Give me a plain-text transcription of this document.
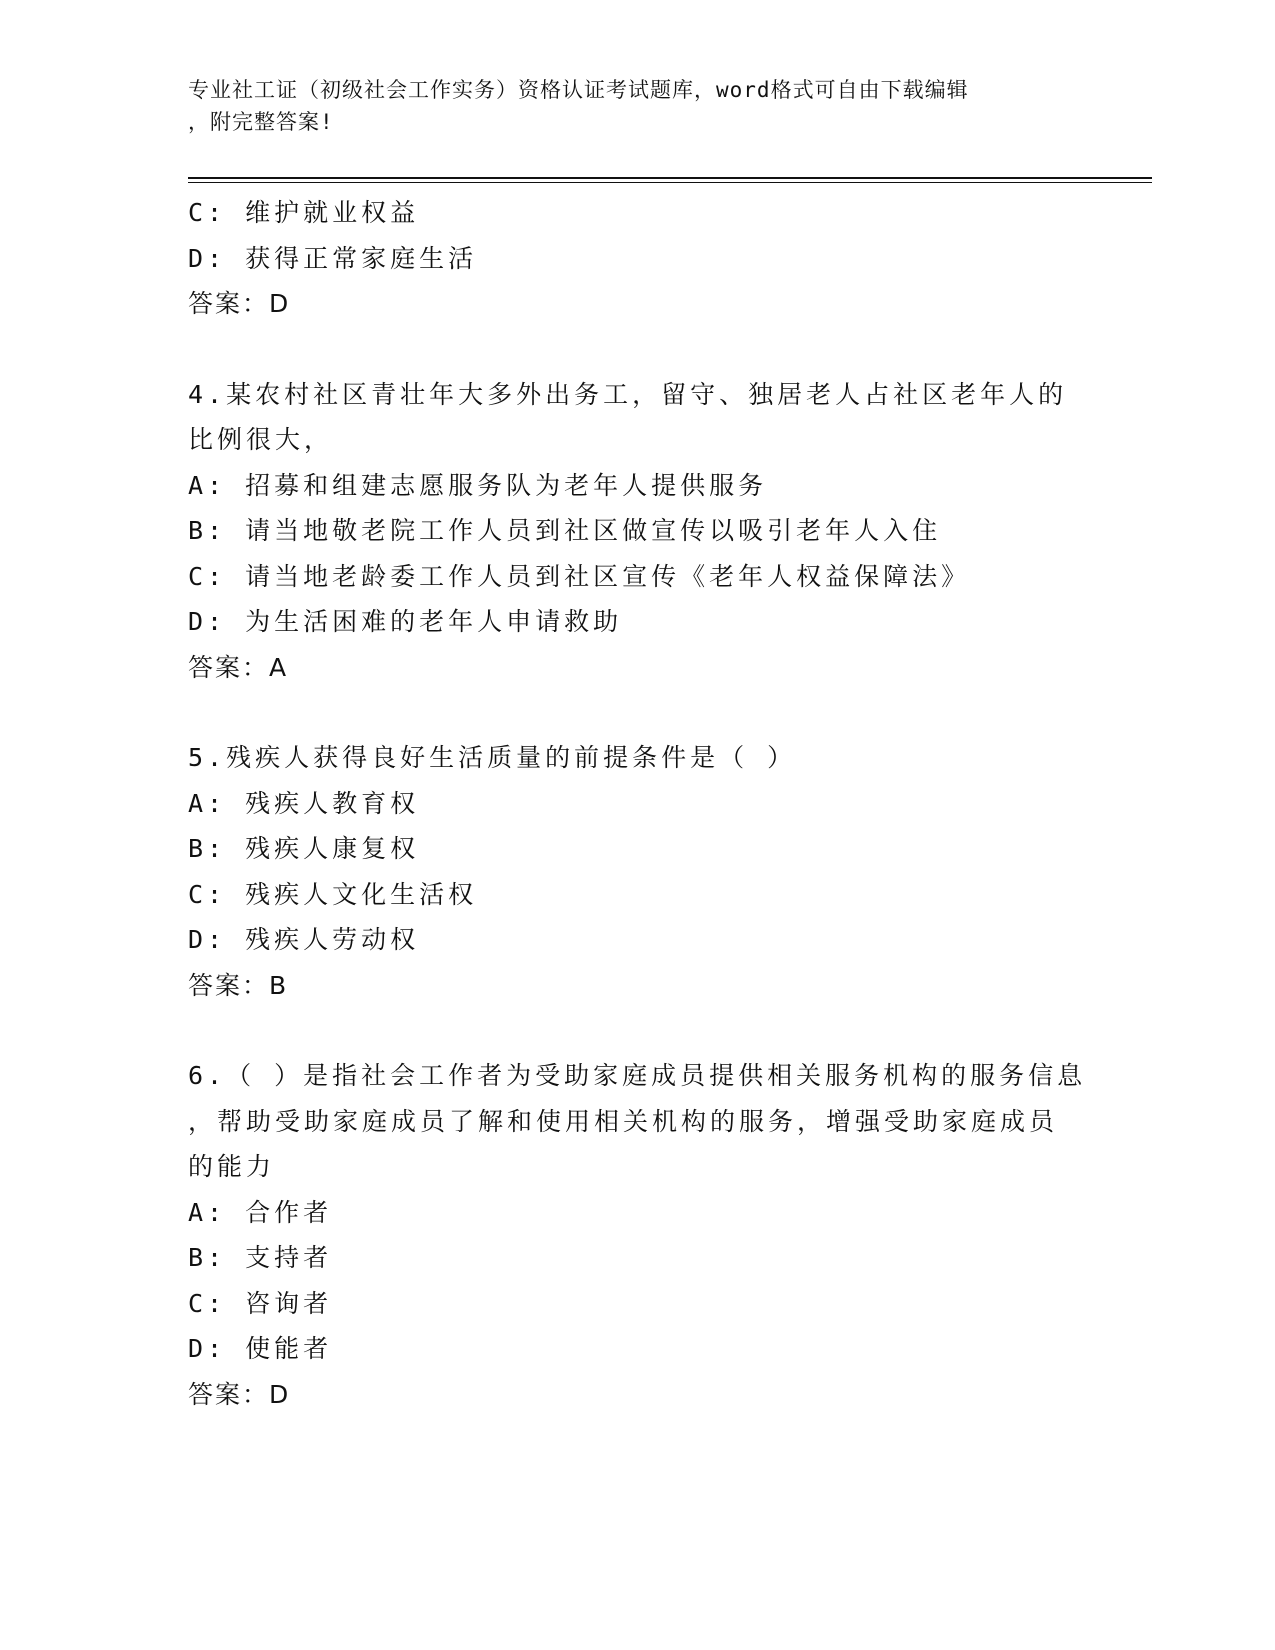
专业社工证（初级社会工作实务）资格认证考试题库，word格式可自由下载编辑
，附完整答案!
C: 维护就业权益
D: 获得正常家庭生活
答案：D
4.某农村社区青壮年大多外出务工，留守、独居老人占社区老年人的
比例很大，
A: 招募和组建志愿服务队为老年人提供服务
B: 请当地敬老院工作人员到社区做宣传以吸引老年人入住
C: 请当地老龄委工作人员到社区宣传《老年人权益保障法》
D: 为生活困难的老年人申请救助
答案：A
5.残疾人获得良好生活质量的前提条件是（ ）
A: 残疾人教育权
B: 残疾人康复权
C: 残疾人文化生活权
D: 残疾人劳动权
答案：B
6.（ ）是指社会工作者为受助家庭成员提供相关服务机构的服务信息
，帮助受助家庭成员了解和使用相关机构的服务，增强受助家庭成员
的能力
A: 合作者
B: 支持者
C: 咨询者
D: 使能者
答案：D
